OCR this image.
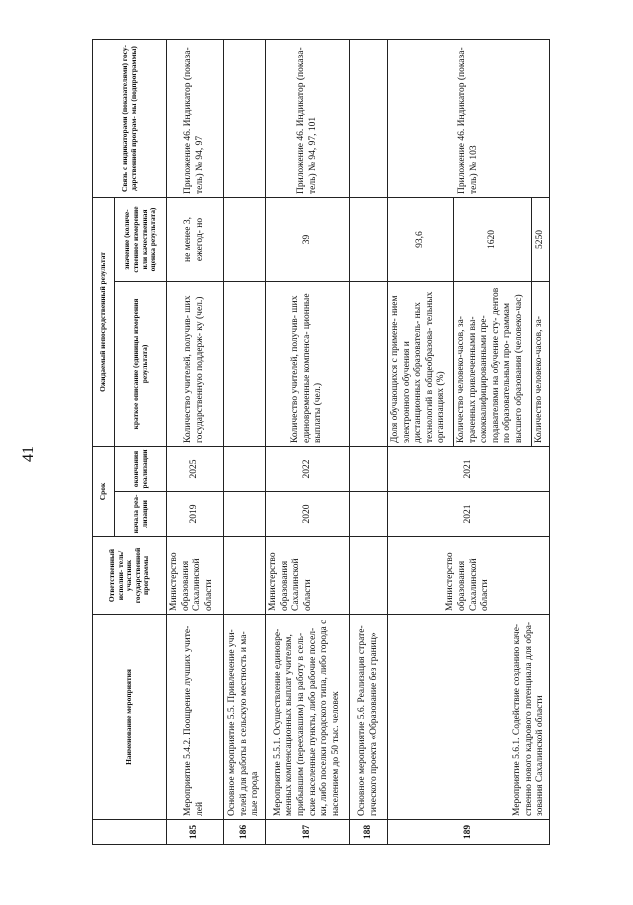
41
	Наименование мероприятия	Ответственный исполни- тель/участник государственной программы	Срок		Ожидаемый непосредственный результат		Связь с индикаторами (показателями) госу- дарственной програм- мы (подпрограммы)
			начала реа- лизации	окончания реализации	краткое описание (единицы измерения результата)	значение (количе- ственное измерение или качественная оценка результата)	
185	Мероприятие 5.4.2. Поощрение лучших учите- лей	Министерство образования Сахалинской области	2019	2025	Количество учителей, получив- ших государственную поддерж- ку (чел.)	не менее 3, ежегод- но	Приложение 46. Индикатор (показа- тель) № 94, 97
186	Основное мероприятие 5.5. Привлечение учи- телей для работы в сельскую местность и ма- лые города						
187	Мероприятие 5.5.1. Осуществление единовре- менных компенсационных выплат учителям, прибывшим (переехавшим) на работу в сель- ские населенные пункты, либо рабочие посел- ки, либо поселки городского типа, либо города с населением до 50 тыс. человек	Министерство образования Сахалинской области	2020	2022	Количество учителей, получив- ших единовременные компенса- ционные выплаты (чел.)	39	Приложение 46. Индикатор (показа- тель) № 94, 97, 101
188	Основное мероприятие 5.6. Реализация страте- гического проекта «Образование без границ»						
189	Мероприятие 5.6.1. Содействие созданию каче- ственно нового кадрового потенциала для обра- зования Сахалинской области	Министерство образования Сахалинской области	2021	2021	Доля обучающихся с примене- нием электронного обучения и дистанционных образователь- ных технологий в общеобразова- тельных организациях (%)	93,6	Приложение 46. Индикатор (показа- тель) № 103
					Количество человеко-часов, за- траченных привлеченными вы- сококвалифицированными пре- подавателями на обучение сту- дентов по образовательным про- граммам высшего образования (человеко-час)	1620	
					Количество человеко-часов, за-	5250	
